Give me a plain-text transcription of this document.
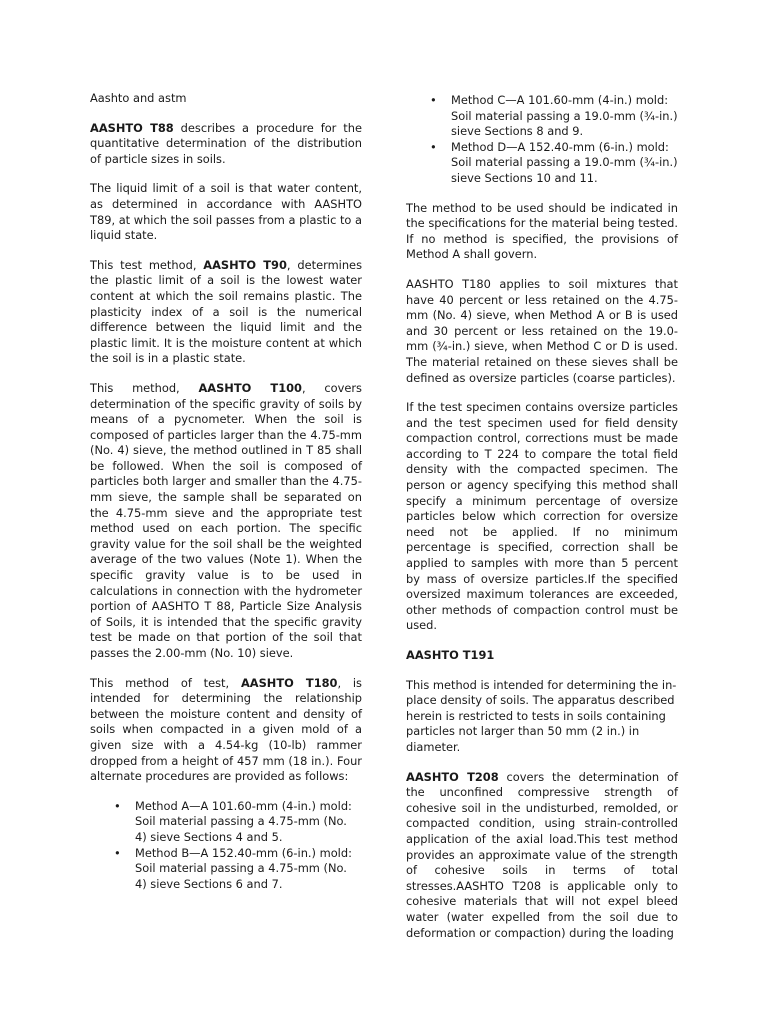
Aashto and astm

AASHTO T88 describes a procedure for the quantitative determination of the distribution of particle sizes in soils.

The liquid limit of a soil is that water content, as determined in accordance with AASHTO T89, at which the soil passes from a plastic to a liquid state.

This test method, AASHTO T90, determines the plastic limit of a soil is the lowest water content at which the soil remains plastic. The plasticity index of a soil is the numerical difference between the liquid limit and the plastic limit. It is the moisture content at which the soil is in a plastic state.

This method, AASHTO T100, covers determination of the specific gravity of soils by means of a pycnometer. When the soil is composed of particles larger than the 4.75-mm (No. 4) sieve, the method outlined in T 85 shall be followed. When the soil is composed of particles both larger and smaller than the 4.75-mm sieve, the sample shall be separated on the 4.75-mm sieve and the appropriate test method used on each portion. The specific gravity value for the soil shall be the weighted average of the two values (Note 1). When the specific gravity value is to be used in calculations in connection with the hydrometer portion of AASHTO T 88, Particle Size Analysis of Soils, it is intended that the specific gravity test be made on that portion of the soil that passes the 2.00-mm (No. 10) sieve.

This method of test, AASHTO T180, is intended for determining the relationship between the moisture content and density of soils when compacted in a given mold of a given size with a 4.54-kg (10-lb) rammer dropped from a height of 457 mm (18 in.). Four alternate procedures are provided as follows:

• Method A—A 101.60-mm (4-in.) mold: Soil material passing a 4.75-mm (No. 4) sieve Sections 4 and 5.
• Method B—A 152.40-mm (6-in.) mold: Soil material passing a 4.75-mm (No. 4) sieve Sections 6 and 7.
• Method C—A 101.60-mm (4-in.) mold: Soil material passing a 19.0-mm (¾-in.) sieve Sections 8 and 9.
• Method D—A 152.40-mm (6-in.) mold: Soil material passing a 19.0-mm (¾-in.) sieve Sections 10 and 11.

The method to be used should be indicated in the specifications for the material being tested. If no method is specified, the provisions of Method A shall govern.

AASHTO T180 applies to soil mixtures that have 40 percent or less retained on the 4.75-mm (No. 4) sieve, when Method A or B is used and 30 percent or less retained on the 19.0-mm (¾-in.) sieve, when Method C or D is used. The material retained on these sieves shall be defined as oversize particles (coarse particles).

If the test specimen contains oversize particles and the test specimen used for field density compaction control, corrections must be made according to T 224 to compare the total field density with the compacted specimen. The person or agency specifying this method shall specify a minimum percentage of oversize particles below which correction for oversize need not be applied. If no minimum percentage is specified, correction shall be applied to samples with more than 5 percent by mass of oversize particles.If the specified oversized maximum tolerances are exceeded, other methods of compaction control must be used.

AASHTO T191

This method is intended for determining the in-place density of soils. The apparatus described herein is restricted to tests in soils containing particles not larger than 50 mm (2 in.) in diameter.

AASHTO T208 covers the determination of the unconfined compressive strength of cohesive soil in the undisturbed, remolded, or compacted condition, using strain-controlled application of the axial load.This test method provides an approximate value of the strength of cohesive soils in terms of total stresses.AASHTO T208 is applicable only to cohesive materials that will not expel bleed water (water expelled from the soil due to deformation or compaction) during the loading
